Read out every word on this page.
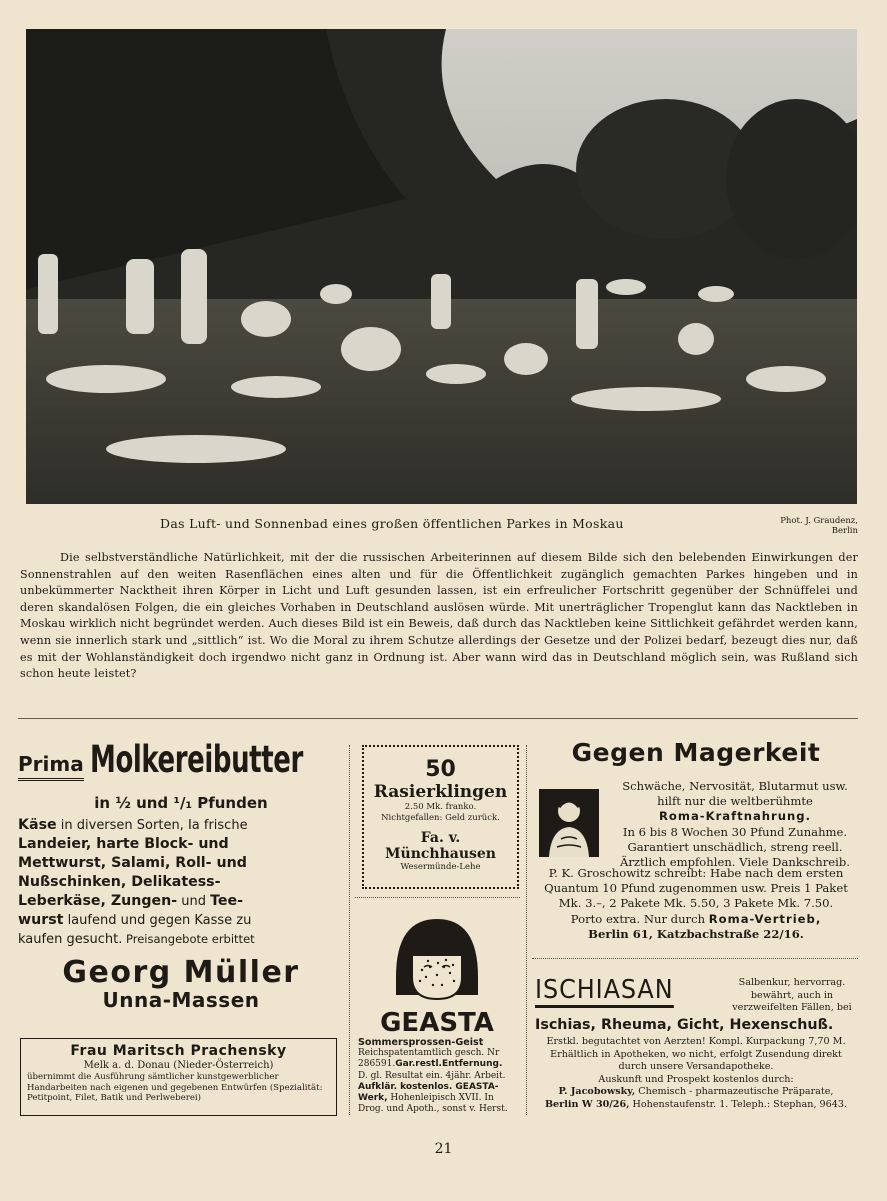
Das Luft- und Sonnenbad eines großen öffentlichen Parkes in Moskau	Phot. J. Graudenz,
Berlin
Die selbstverständliche Natürlichkeit, mit der die russischen Arbeiterinnen auf diesem Bilde sich den belebenden Einwirkungen der Sonnenstrahlen auf den weiten Rasenflächen eines alten und für die Öffentlichkeit zugänglich gemachten Parkes hingeben und in unbekümmerter Nacktheit ihren Körper in Licht und Luft gesunden lassen, ist ein erfreulicher Fortschritt gegenüber der Schnüffelei und deren skandalösen Folgen, die ein gleiches Vorhaben in Deutschland auslösen würde. Mit unerträglicher Tropenglut kann das Nacktleben in Moskau wirklich nicht begründet werden. Auch dieses Bild ist ein Beweis, daß durch das Nacktleben keine Sittlichkeit gefährdet werden kann, wenn sie innerlich stark und „sittlich“ ist. Wo die Moral zu ihrem Schutze allerdings der Gesetze und der Polizei bedarf, bezeugt dies nur, daß es mit der Wohlanständigkeit doch irgendwo nicht ganz in Ordnung ist. Aber wann wird das in Deutschland möglich sein, was Rußland sich schon heute leistet?
Prima Molkereibutter
in ½ und ¹/₁ Pfunden
Käse in diversen Sorten, Ia frische
Landeier, harte Block- und
Mettwurst, Salami, Roll- und
Nußschinken, Delikatess-
Leberkäse, Zungen- und Tee-
wurst laufend und gegen Kasse zu
kaufen gesucht. Preisangebote erbittet
Georg Müller
Unna-Massen
Frau Maritsch Prachensky
Melk a. d. Donau (Nieder-Österreich)
übernimmt die Ausführung sämtlicher kunstgewerblicher Handarbeiten nach eigenen und gegebenen Entwürfen (Spezialität: Petitpoint, Filet, Batik und Perlweberei)
50
Rasierklingen
2.50 Mk. franko.
Nichtgefallen: Geld zurück.
Fa. v. Münchhausen
Wesermünde-Lehe
GEASTA
Sommersprossen-Geist
Reichspatentamtlich gesch. Nr
286591.Gar.restl.Entfernung.
D. gl. Resultat ein. 4jähr. Arbeit.
Aufklär. kostenlos. GEASTA-
Werk, Hohenleipisch XVII. In
Drog. und Apoth., sonst v. Herst.
Gegen Magerkeit
Schwäche, Nervosität, Blutarmut usw.
hilft nur die weltberühmte
Roma-Kraftnahrung.
In 6 bis 8 Wochen 30 Pfund Zunahme.
Garantiert unschädlich, streng reell.
Ärztlich empfohlen. Viele Dankschreib.
P. K. Groschowitz schreibt: Habe nach dem ersten
Quantum 10 Pfund zugenommen usw. Preis 1 Paket
Mk. 3.–, 2 Pakete Mk. 5.50, 3 Pakete Mk. 7.50.
Porto extra. Nur durch Roma-Vertrieb,
Berlin 61, Katzbachstraße 22/16.
ISCHIASAN	Salbenkur, hervorrag. bewährt, auch in verzweifelten Fällen, bei
Ischias, Rheuma, Gicht, Hexenschuß.
Erstkl. begutachtet von Aerzten! Kompl. Kurpackung 7,70 M.
Erhältlich in Apotheken, wo nicht, erfolgt Zusendung direkt
durch unsere Versandapotheke.
Auskunft und Prospekt kostenlos durch:
P. Jacobowsky, Chemisch - pharmazeutische Präparate,
Berlin W 30/26, Hohenstaufenstr. 1. Teleph.: Stephan, 9643.
21
